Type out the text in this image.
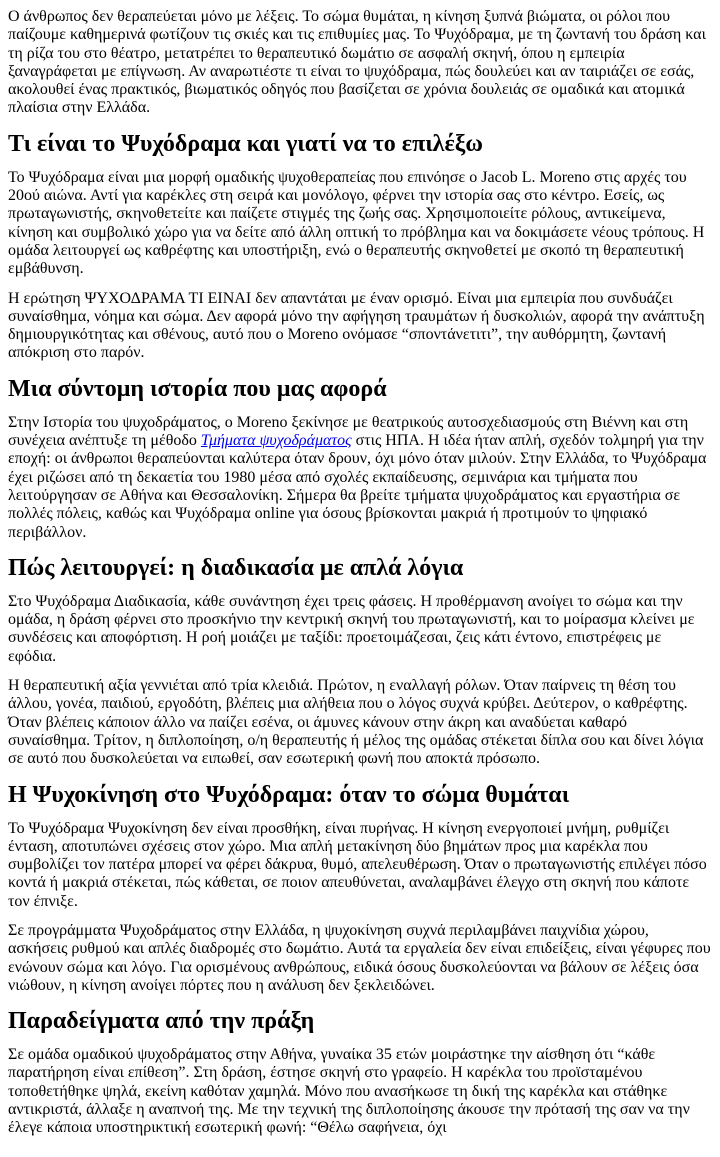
Ο άνθρωπος δεν θεραπεύεται μόνο με λέξεις. Το σώμα θυμάται, η κίνηση ξυπνά βιώματα, οι ρόλοι που παίζουμε καθημερινά φωτίζουν τις σκιές και τις επιθυμίες μας. Το Ψυχόδραμα, με τη ζωντανή του δράση και τη ρίζα του στο θέατρο, μετατρέπει το θεραπευτικό δωμάτιο σε ασφαλή σκηνή, όπου η εμπειρία ξαναγράφεται με επίγνωση. Αν αναρωτιέστε τι είναι το ψυχόδραμα, πώς δουλεύει και αν ταιριάζει σε εσάς, ακολουθεί ένας πρακτικός, βιωματικός οδηγός που βασίζεται σε χρόνια δουλειάς σε ομαδικά και ατομικά πλαίσια στην Ελλάδα.

Τι είναι το Ψυχόδραμα και γιατί να το επιλέξω

Το Ψυχόδραμα είναι μια μορφή ομαδικής ψυχοθεραπείας που επινόησε ο Jacob L. Moreno στις αρχές του 20ού αιώνα. Αντί για καρέκλες στη σειρά και μονόλογο, φέρνει την ιστορία σας στο κέντρο. Εσείς, ως πρωταγωνιστής, σκηνοθετείτε και παίζετε στιγμές της ζωής σας. Χρησιμοποιείτε ρόλους, αντικείμενα, κίνηση και συμβολικό χώρο για να δείτε από άλλη οπτική το πρόβλημα και να δοκιμάσετε νέους τρόπους. Η ομάδα λειτουργεί ως καθρέφτης και υποστήριξη, ενώ ο θεραπευτής σκηνοθετεί με σκοπό τη θεραπευτική εμβάθυνση.

Η ερώτηση ΨΥΧΟΔΡΑΜΑ ΤΙ ΕΙΝΑΙ δεν απαντάται με έναν ορισμό. Είναι μια εμπειρία που συνδυάζει συναίσθημα, νόημα και σώμα. Δεν αφορά μόνο την αφήγηση τραυμάτων ή δυσκολιών, αφορά την ανάπτυξη δημιουργικότητας και σθένους, αυτό που ο Moreno ονόμασε “σποντάνετιτι”, την αυθόρμητη, ζωντανή απόκριση στο παρόν.

Μια σύντομη ιστορία που μας αφορά

Στην Ιστορία του ψυχοδράματος, ο Moreno ξεκίνησε με θεατρικούς αυτοσχεδιασμούς στη Βιέννη και στη συνέχεια ανέπτυξε τη μέθοδο Τμήματα ψυχοδράματος στις ΗΠΑ. Η ιδέα ήταν απλή, σχεδόν τολμηρή για την εποχή: οι άνθρωποι θεραπεύονται καλύτερα όταν δρουν, όχι μόνο όταν μιλούν. Στην Ελλάδα, το Ψυχόδραμα έχει ριζώσει από τη δεκαετία του 1980 μέσα από σχολές εκπαίδευσης, σεμινάρια και τμήματα που λειτούργησαν σε Αθήνα και Θεσσαλονίκη. Σήμερα θα βρείτε τμήματα ψυχοδράματος και εργαστήρια σε πολλές πόλεις, καθώς και Ψυχόδραμα online για όσους βρίσκονται μακριά ή προτιμούν το ψηφιακό περιβάλλον.

Πώς λειτουργεί: η διαδικασία με απλά λόγια

Στο Ψυχόδραμα Διαδικασία, κάθε συνάντηση έχει τρεις φάσεις. Η προθέρμανση ανοίγει το σώμα και την ομάδα, η δράση φέρνει στο προσκήνιο την κεντρική σκηνή του πρωταγωνιστή, και το μοίρασμα κλείνει με συνδέσεις και αποφόρτιση. Η ροή μοιάζει με ταξίδι: προετοιμάζεσαι, ζεις κάτι έντονο, επιστρέφεις με εφόδια.

Η θεραπευτική αξία γεννιέται από τρία κλειδιά. Πρώτον, η εναλλαγή ρόλων. Όταν παίρνεις τη θέση του άλλου, γονέα, παιδιού, εργοδότη, βλέπεις μια αλήθεια που ο λόγος συχνά κρύβει. Δεύτερον, ο καθρέφτης. Όταν βλέπεις κάποιον άλλο να παίζει εσένα, οι άμυνες κάνουν στην άκρη και αναδύεται καθαρό συναίσθημα. Τρίτον, η διπλοποίηση, ο/η θεραπευτής ή μέλος της ομάδας στέκεται δίπλα σου και δίνει λόγια σε αυτό που δυσκολεύεται να ειπωθεί, σαν εσωτερική φωνή που αποκτά πρόσωπο.

Η Ψυχοκίνηση στο Ψυχόδραμα: όταν το σώμα θυμάται

Το Ψυχόδραμα Ψυχοκίνηση δεν είναι προσθήκη, είναι πυρήνας. Η κίνηση ενεργοποιεί μνήμη, ρυθμίζει ένταση, αποτυπώνει σχέσεις στον χώρο. Μια απλή μετακίνηση δύο βημάτων προς μια καρέκλα που συμβολίζει τον πατέρα μπορεί να φέρει δάκρυα, θυμό, απελευθέρωση. Όταν ο πρωταγωνιστής επιλέγει πόσο κοντά ή μακριά στέκεται, πώς κάθεται, σε ποιον απευθύνεται, αναλαμβάνει έλεγχο στη σκηνή που κάποτε τον έπνιξε.

Σε προγράμματα Ψυχοδράματος στην Ελλάδα, η ψυχοκίνηση συχνά περιλαμβάνει παιχνίδια χώρου, ασκήσεις ρυθμού και απλές διαδρομές στο δωμάτιο. Αυτά τα εργαλεία δεν είναι επιδείξεις, είναι γέφυρες που ενώνουν σώμα και λόγο. Για ορισμένους ανθρώπους, ειδικά όσους δυσκολεύονται να βάλουν σε λέξεις όσα νιώθουν, η κίνηση ανοίγει πόρτες που η ανάλυση δεν ξεκλειδώνει.

Παραδείγματα από την πράξη

Σε ομάδα ομαδικού ψυχοδράματος στην Αθήνα, γυναίκα 35 ετών μοιράστηκε την αίσθηση ότι “κάθε παρατήρηση είναι επίθεση”. Στη δράση, έστησε σκηνή στο γραφείο. Η καρέκλα του προϊσταμένου τοποθετήθηκε ψηλά, εκείνη καθόταν χαμηλά. Μόνο που ανασήκωσε τη δική της καρέκλα και στάθηκε αντικριστά, άλλαξε η αναπνοή της. Με την τεχνική της διπλοποίησης άκουσε την πρότασή της σαν να την έλεγε κάποια υποστηρικτική εσωτερική φωνή: “Θέλω σαφήνεια, όχι
